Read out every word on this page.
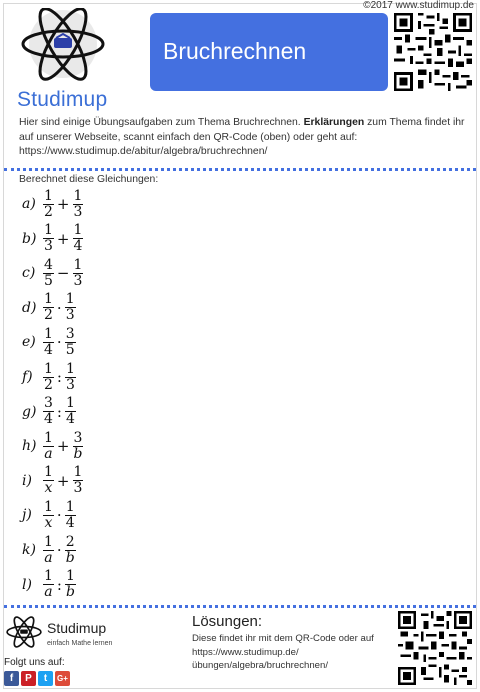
©2017 www.studimup.de
Studimup
Bruchrechnen
Hier sind einige Übungsaufgaben zum Thema Bruchrechnen. Erklärungen zum Thema findet ihr auf unserer Webseite, scannt einfach den QR-Code (oben) oder geht auf: https://www.studimup.de/abitur/algebra/bruchrechnen/
Berechnet diese Gleichungen:
$a) \frac{1}{2} + \frac{1}{3}$
$b) \frac{1}{3} + \frac{1}{4}$
$c) \frac{4}{5} - \frac{1}{3}$
$d) \frac{1}{2} \cdot \frac{1}{3}$
$e) \frac{1}{4} \cdot \frac{3}{5}$
$f) \frac{1}{2}$ : $\frac{1}{3}$
$g) \frac{3}{4}$ : $\frac{1}{4}$
$h) \frac{1}{a} + \frac{3}{b}$
$i) \frac{1}{x} + \frac{1}{3}$
$j) \frac{1}{x} \cdot \frac{1}{4}$
$k) \frac{1}{a} \cdot \frac{2}{b}$
$l) \frac{1}{a}$ : $\frac{1}{b}$
Studimup
einfach Mathe lernen
Folgt uns auf:
f	P	t	G+
Lösungen:
Diese findet ihr mit dem QR-Code oder auf https://www.studimup.de/ übungen/algebra/bruchrechnen/
